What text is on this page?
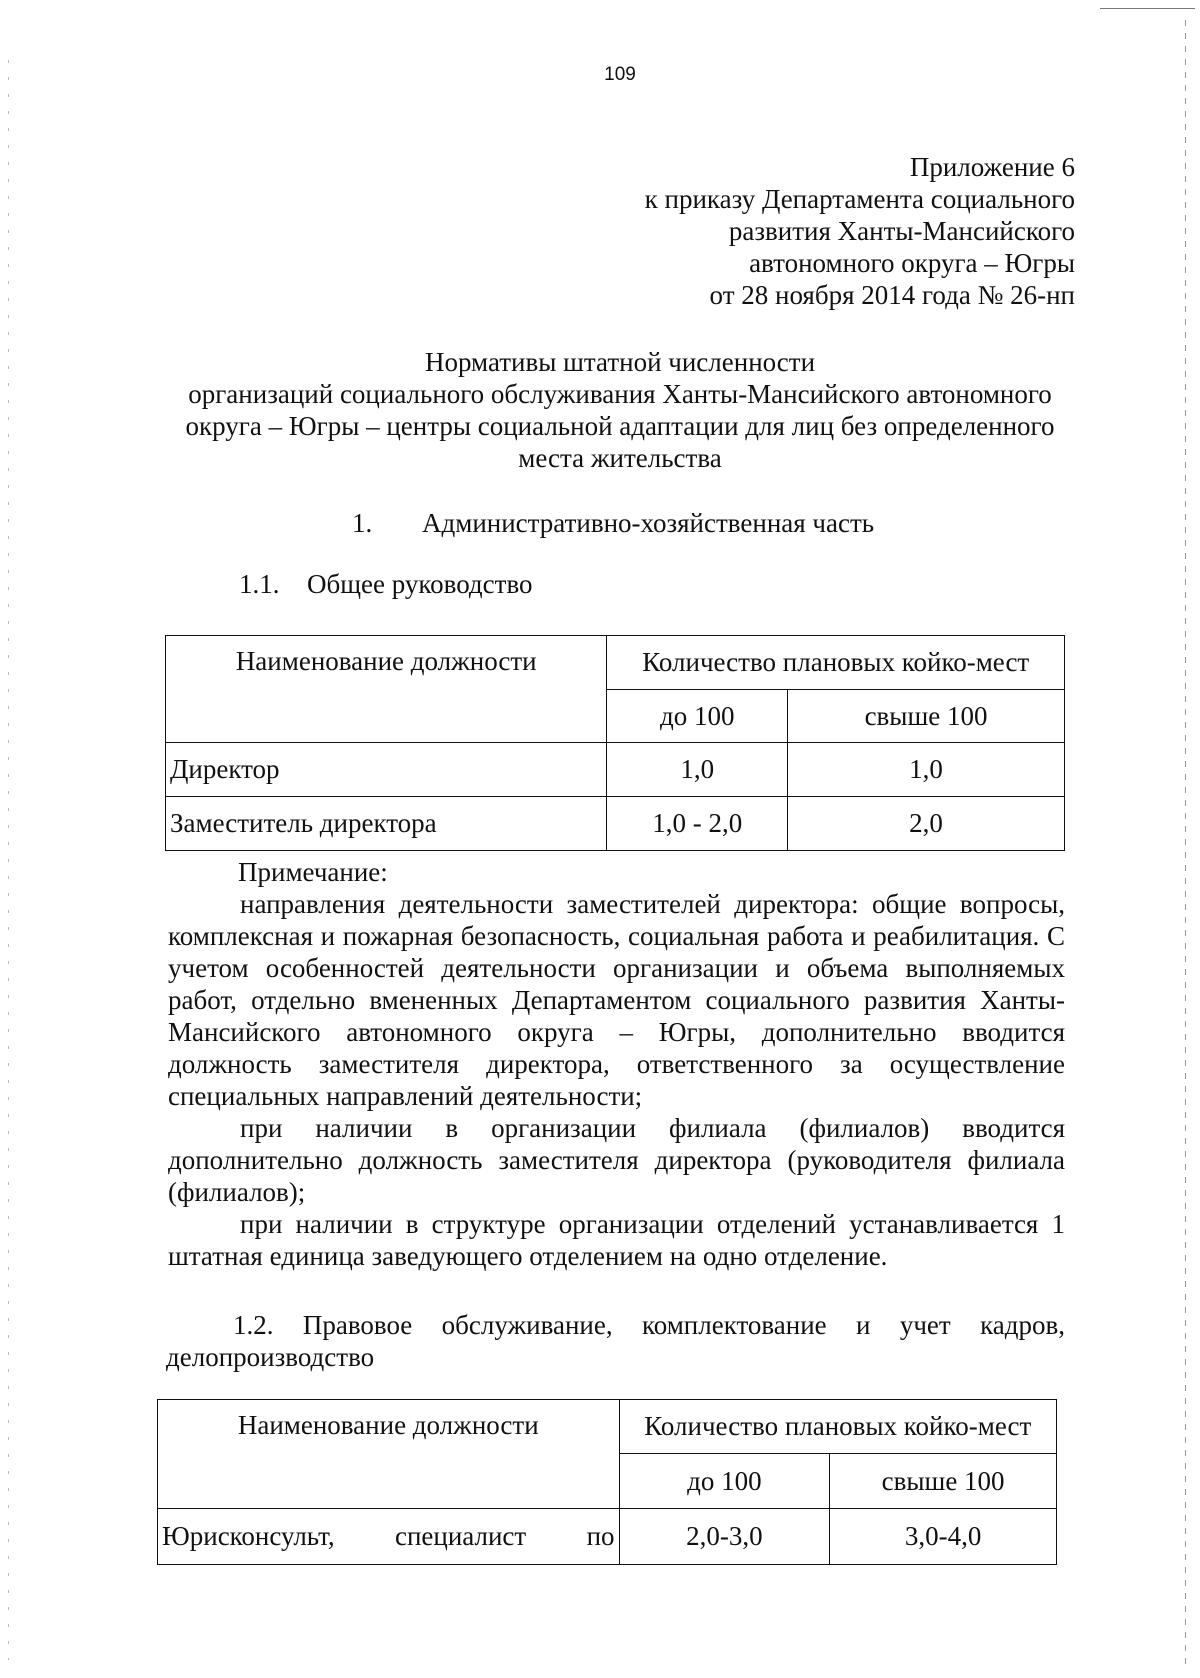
109
Приложение 6
к приказу Департамента социального
развития Ханты-Мансийского
автономного округа – Югры
от 28 ноября 2014 года № 26-нп
Нормативы штатной численности
организаций социального обслуживания Ханты-Мансийского автономного
округа – Югры – центры социальной адаптации для лиц без определенного
места жительства
1. Административно-хозяйственная часть
1.1. Общее руководство
Наименование должности	Количество плановых койко-мест	
	до 100	свыше 100
Директор	1,0	1,0
Заместитель директора	1,0 - 2,0	2,0

Примечание:

направления деятельности заместителей директора: общие вопросы, комплексная и пожарная безопасность, социальная работа и реабилитация. С учетом особенностей деятельности организации и объема выполняемых работ, отдельно вмененных Департаментом социального развития Ханты-Мансийского автономного округа – Югры, дополнительно вводится должность заместителя директора, ответственного за осуществление специальных направлений деятельности;

при наличии в организации филиала (филиалов) вводится дополнительно должность заместителя директора (руководителя филиала (филиалов);

при наличии в структуре организации отделений устанавливается 1 штатная единица заведующего отделением на одно отделение.

1.2. Правовое обслуживание, комплектование и учет кадров, делопроизводство
Наименование должности	Количество плановых койко-мест	
	до 100	свыше 100

Юрисконсульт, специалист по	2,0-3,0	3,0-4,0
